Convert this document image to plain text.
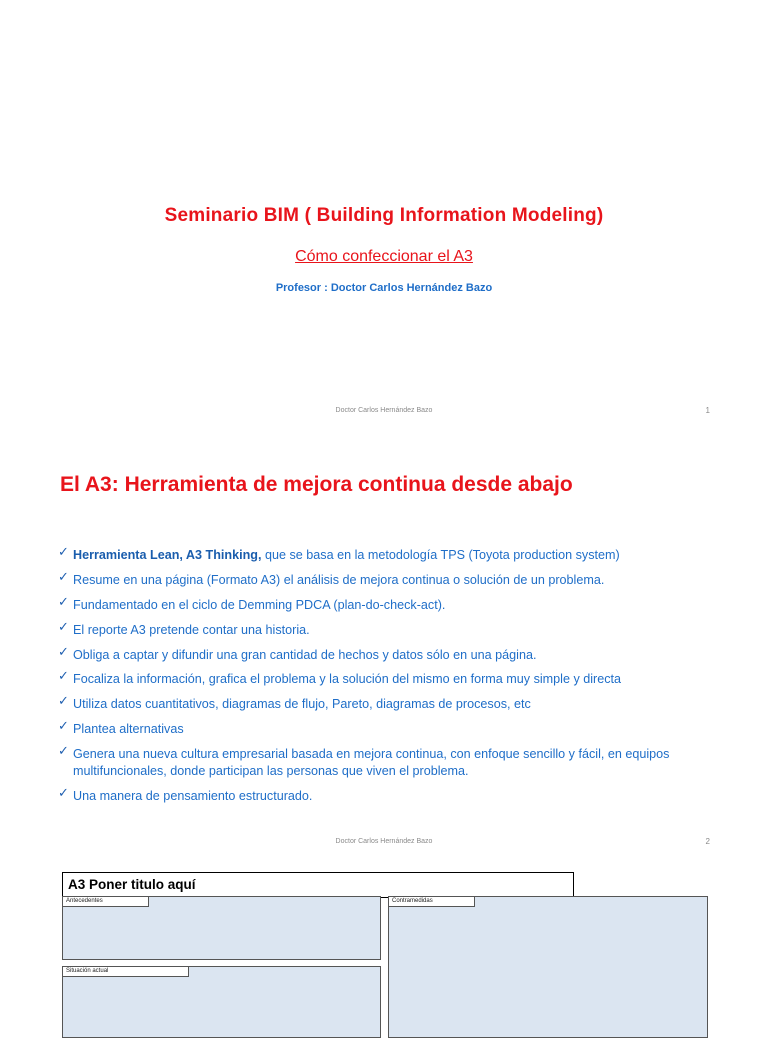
Seminario BIM ( Building Information Modeling)
Cómo confeccionar el A3
Profesor : Doctor Carlos Hernández Bazo
Doctor Carlos Hernández Bazo	1
El A3: Herramienta de mejora continua desde abajo
✓ Herramienta Lean, A3 Thinking, que se basa en la metodología TPS (Toyota production system)
✓ Resume en una página (Formato A3) el análisis de mejora continua o solución de un problema.
✓ Fundamentado en el ciclo de Demming PDCA (plan-do-check-act).
✓ El reporte A3 pretende contar una historia.
✓ Obliga a captar y difundir una gran cantidad de hechos y datos sólo en una página.
✓ Focaliza la información, grafica el problema y la solución del mismo en forma muy simple y directa
✓ Utiliza datos cuantitativos, diagramas de flujo, Pareto, diagramas de procesos, etc
✓ Plantea alternativas
✓ Genera una nueva cultura empresarial basada en mejora continua, con enfoque sencillo y fácil, en equipos multifuncionales, donde participan las personas que viven el problema.
✓ Una manera de pensamiento estructurado.
Doctor Carlos Hernández Bazo	2
A3 Poner titulo aquí
Antecedentes	Contramedidas
Situación actual
